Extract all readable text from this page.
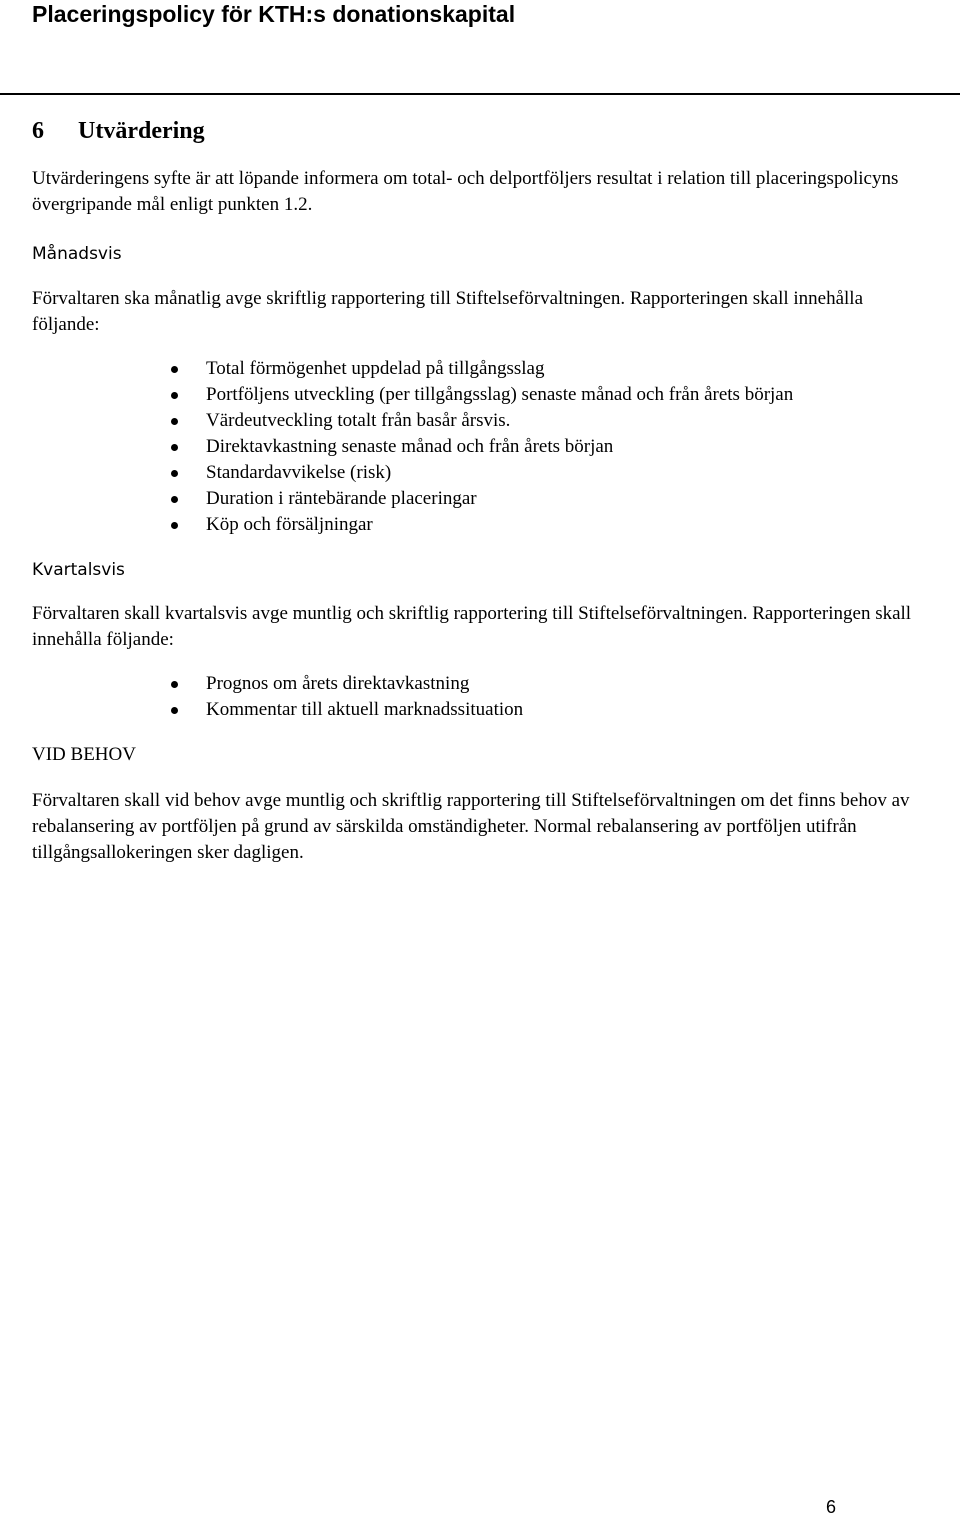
Placeringspolicy för KTH:s donationskapital
6 Utvärdering
Utvärderingens syfte är att löpande informera om total- och delportföljers resultat i relation till placeringspolicyns övergripande mål enligt punkten 1.2.
Månadsvis
Förvaltaren ska månatlig avge skriftlig rapportering till Stiftelseförvaltningen. Rapporteringen skall innehålla följande:
Total förmögenhet uppdelad på tillgångsslag
Portföljens utveckling (per tillgångsslag) senaste månad och från årets början
Värdeutveckling totalt från basår årsvis.
Direktavkastning senaste månad och från årets början
Standardavvikelse (risk)
Duration i räntebärande placeringar
Köp och försäljningar
Kvartalsvis
Förvaltaren skall kvartalsvis avge muntlig och skriftlig rapportering till Stiftelseförvaltningen. Rapporteringen skall innehålla följande:
Prognos om årets direktavkastning
Kommentar till aktuell marknadssituation
VID BEHOV
Förvaltaren skall vid behov avge muntlig och skriftlig rapportering till Stiftelseförvaltningen om det finns behov av rebalansering av portföljen på grund av särskilda omständigheter. Normal rebalansering av portföljen utifrån tillgångsallokeringen sker dagligen.
6
